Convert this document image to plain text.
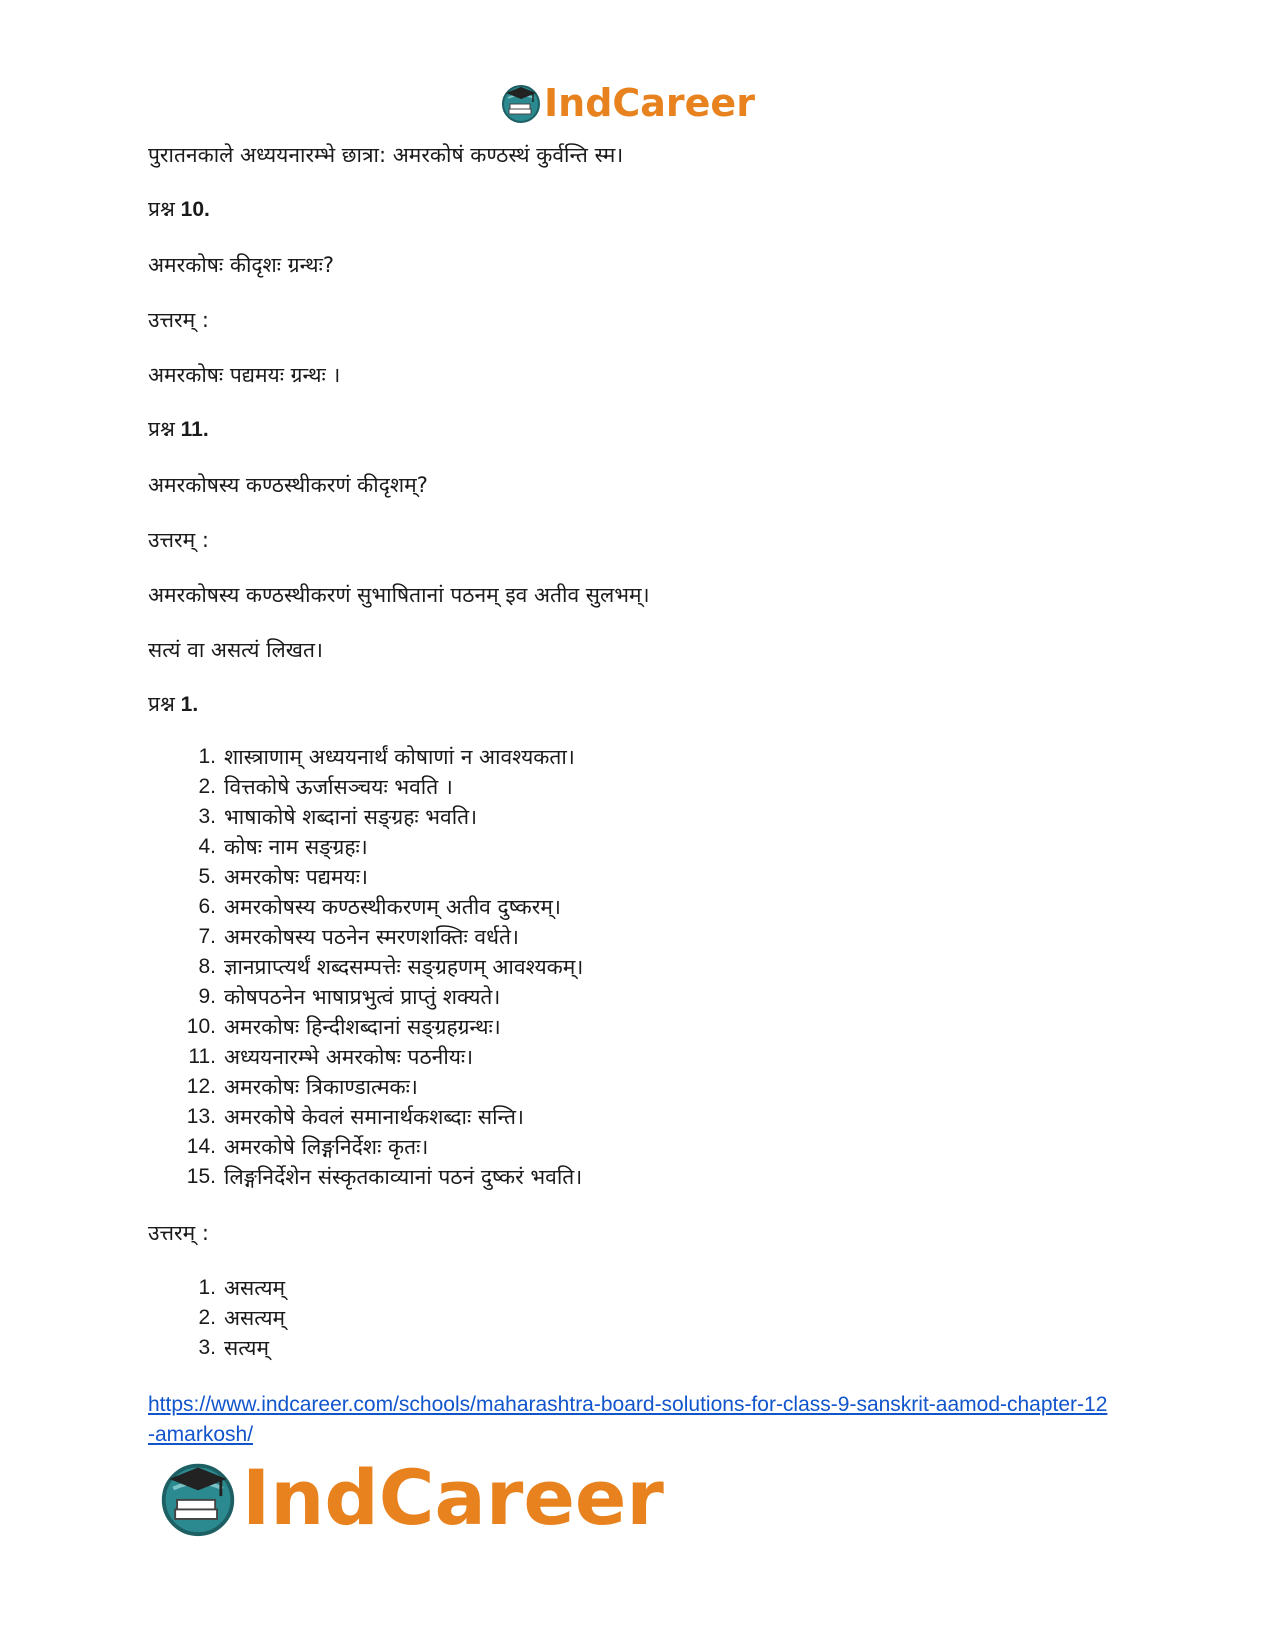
IndCareer

पुरातनकाले अध्ययनारम्भे छात्रा: अमरकोषं कण्ठस्थं कुर्वन्ति स्म।

प्रश्न 10.

अमरकोषः कीदृशः ग्रन्थः?

उत्तरम् :

अमरकोषः पद्यमयः ग्रन्थः ।

प्रश्न 11.

अमरकोषस्य कण्ठस्थीकरणं कीदृशम्?

उत्तरम् :

अमरकोषस्य कण्ठस्थीकरणं सुभाषितानां पठनम् इव अतीव सुलभम्।

सत्यं वा असत्यं लिखत।

प्रश्न 1.

1. शास्त्राणाम् अध्ययनार्थं कोषाणां न आवश्यकता।
2. वित्तकोषे ऊर्जासञ्चयः भवति ।
3. भाषाकोषे शब्दानां सङ्ग्रहः भवति।
4. कोषः नाम सङ्ग्रहः।
5. अमरकोषः पद्यमयः।
6. अमरकोषस्य कण्ठस्थीकरणम् अतीव दुष्करम्।
7. अमरकोषस्य पठनेन स्मरणशक्तिः वर्धते।
8. ज्ञानप्राप्त्यर्थं शब्दसम्पत्तेः सङ्ग्रहणम् आवश्यकम्।
9. कोषपठनेन भाषाप्रभुत्वं प्राप्तुं शक्यते।
10. अमरकोषः हिन्दीशब्दानां सङ्ग्रहग्रन्थः।
11. अध्ययनारम्भे अमरकोषः पठनीयः।
12. अमरकोषः त्रिकाण्डात्मकः।
13. अमरकोषे केवलं समानार्थकशब्दाः सन्ति।
14. अमरकोषे लिङ्गनिर्देशः कृतः।
15. लिङ्गनिर्देशेन संस्कृतकाव्यानां पठनं दुष्करं भवति।

उत्तरम् :

1. असत्यम्
2. असत्यम्
3. सत्यम्
https://www.indcareer.com/schools/maharashtra-board-solutions-for-class-9-sanskrit-aamod-chapter-12-amarkosh/
IndCareer
